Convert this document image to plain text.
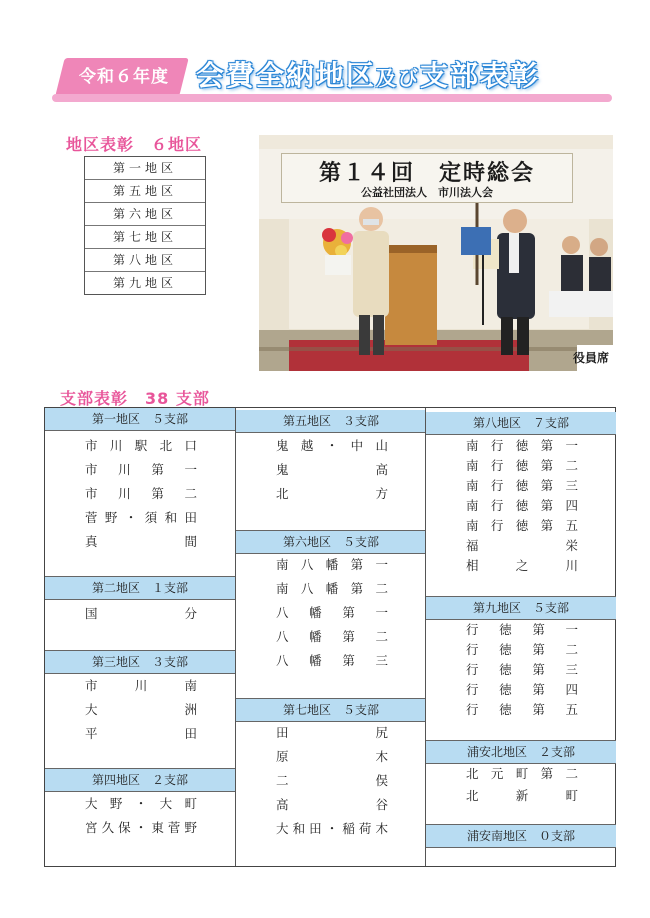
令和６年度 会費全納地区及び支部表彰
地区表彰　６地区
第一地区
第五地区
第六地区
第七地区
第八地区
第九地区
第１４回　定時総会
公益社団法人　市川法人会
役員席
支部表彰　38 支部
第一地区　５支部
第二地区　１支部
第三地区　３支部
第四地区　２支部
市 川 駅 北 口
市 川 第 一
市 川 第 二
菅 野 ・ 須 和 田
真	間
国	分
市	川	南
大	洲
平	田
大 野 ・ 大 町
宮 久 保 ・ 東 菅 野
第五地区　３支部
第六地区　５支部
第七地区　５支部
鬼 越 ・ 中 山
鬼	高
北	方
南 八 幡 第 一
南 八 幡 第 二
八 幡 第 一
八 幡 第 二
八 幡 第 三
田	尻
原	木
二	俣
高	谷
大 和 田 ・ 稲 荷 木
第八地区　７支部
第九地区　５支部
浦安北地区　２支部
浦安南地区　０支部
南 行 徳 第 一
南 行 徳 第 二
南 行 徳 第 三
南 行 徳 第 四
南 行 徳 第 五
福	栄
相	之	川
行 徳 第 一
行 徳 第 二
行 徳 第 三
行 徳 第 四
行 徳 第 五
北 元 町 第 二
北	新	町
